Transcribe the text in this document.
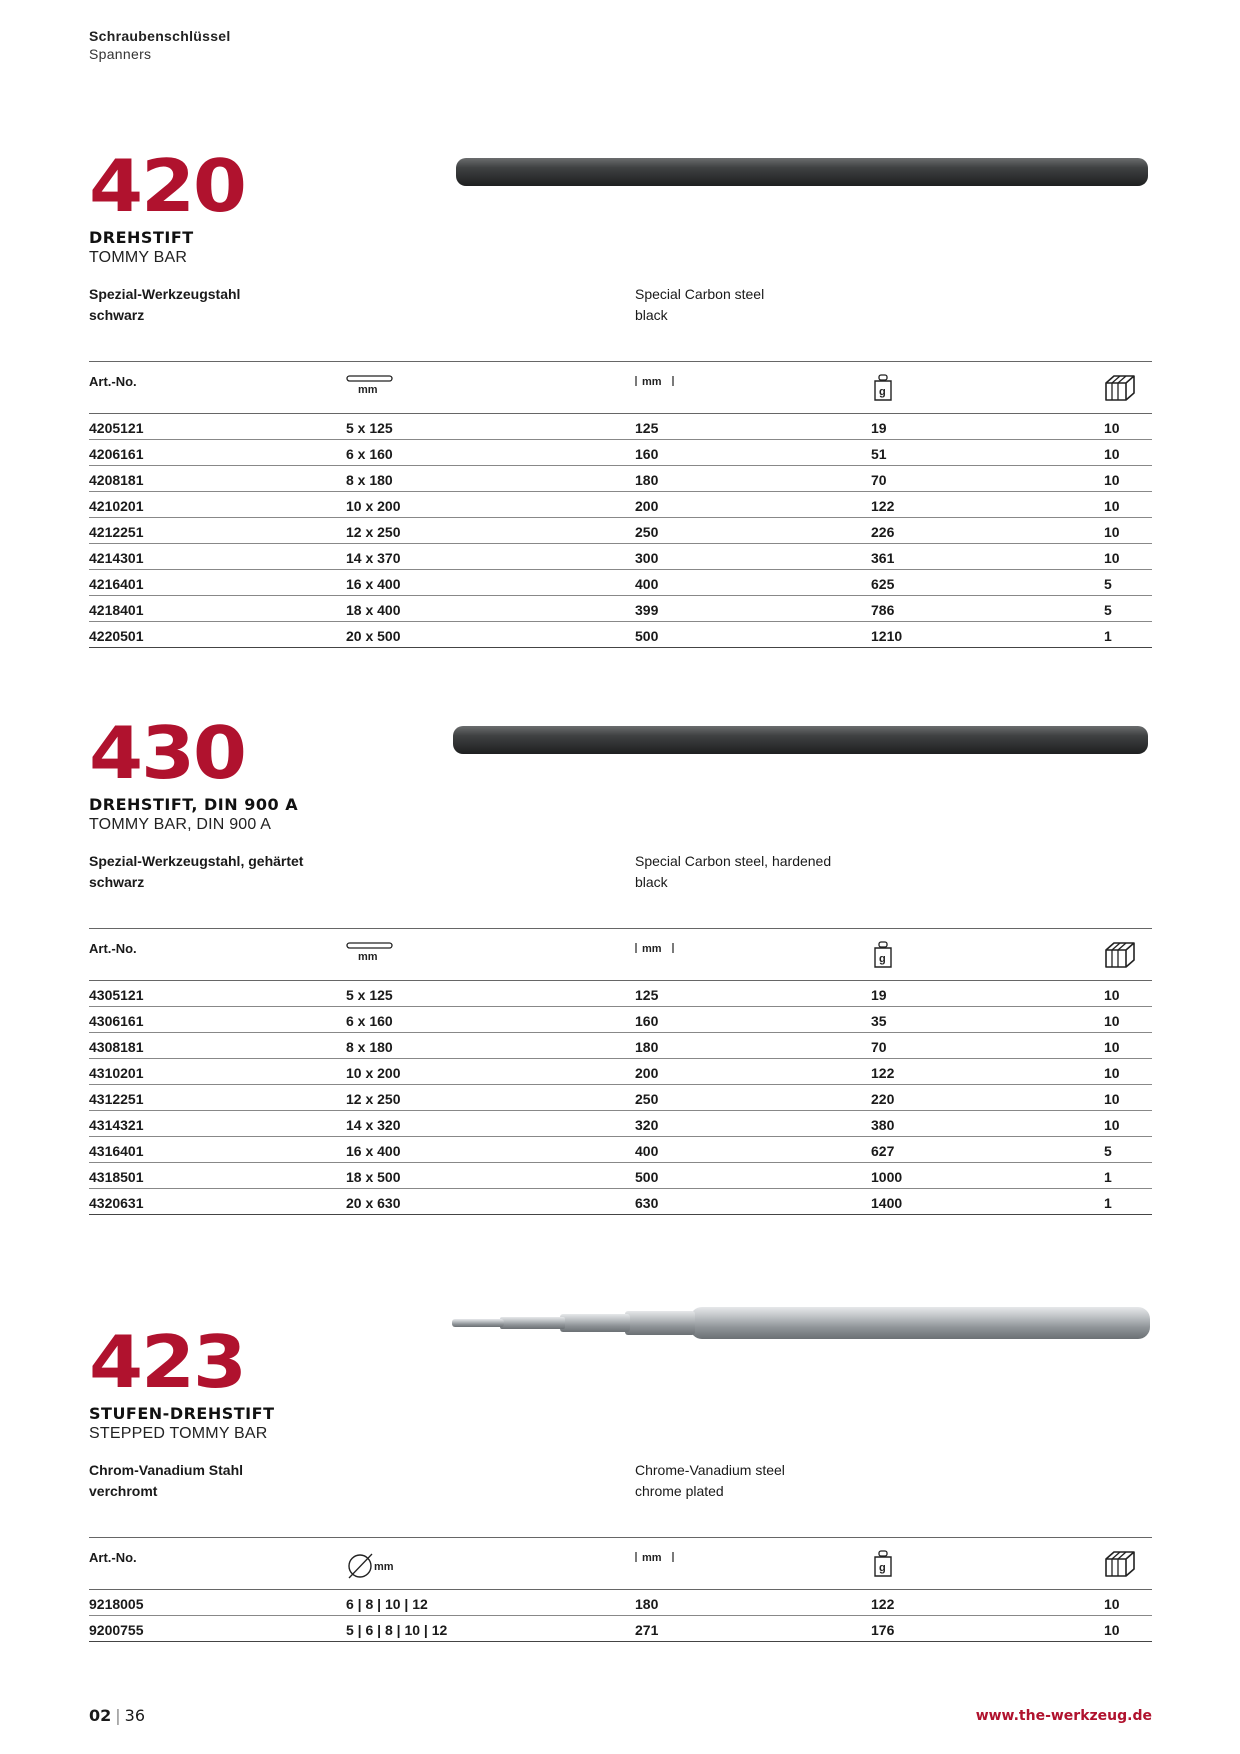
Schraubenschlüssel
Spanners
420
DREHSTIFT
TOMMY BAR
Spezial-Werkzeugstahl
schwarz
Special Carbon steel
black
Art.-No.	mm	mm	g

4205121	5 x 125	125	19	10
4206161	6 x 160	160	51	10
4208181	8 x 180	180	70	10
4210201	10 x 200	200	122	10
4212251	12 x 250	250	226	10
4214301	14 x 370	300	361	10
4216401	16 x 400	400	625	5
4218401	18 x 400	399	786	5
4220501	20 x 500	500	1210	1
430
DREHSTIFT, DIN 900 A
TOMMY BAR, DIN 900 A
Spezial-Werkzeugstahl, gehärtet
schwarz
Special Carbon steel, hardened
black
Art.-No.	mm	mm	g

4305121	5 x 125	125	19	10
4306161	6 x 160	160	35	10
4308181	8 x 180	180	70	10
4310201	10 x 200	200	122	10
4312251	12 x 250	250	220	10
4314321	14 x 320	320	380	10
4316401	16 x 400	400	627	5
4318501	18 x 500	500	1000	1
4320631	20 x 630	630	1400	1
423
STUFEN-DREHSTIFT
STEPPED TOMMY BAR
Chrom-Vanadium Stahl
verchromt
Chrome-Vanadium steel
chrome plated
Art.-No.	mm	mm	g

9218005	6 | 8 | 10 | 12	180	122	10
9200755	5 | 6 | 8 | 10 | 12	271	176	10
02 | 36	www.the-werkzeug.de
